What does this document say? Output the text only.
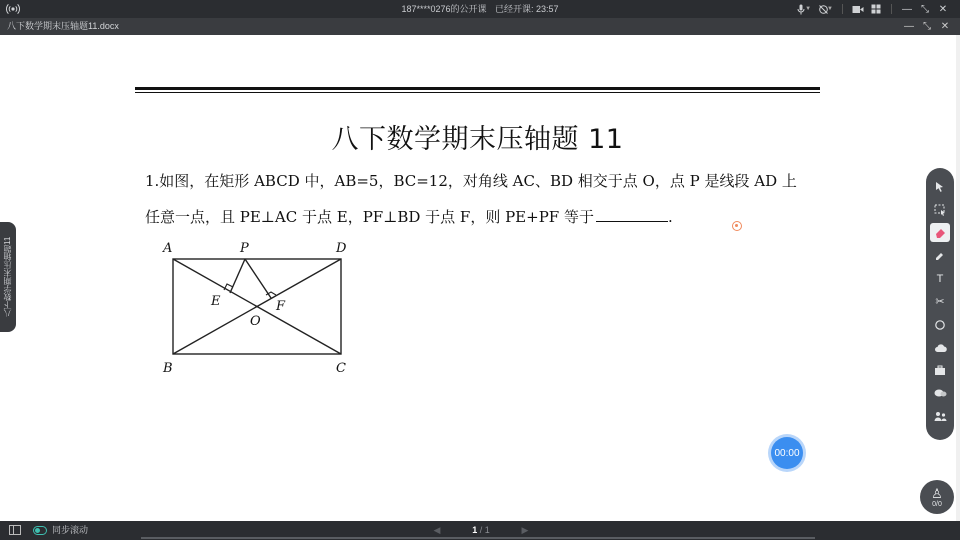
187****0276的公开课 已经开课: 23:57	▼	▼	— ⤡ ✕
八下数学期末压轴题11.docx	— ⤡ ✕
八下数学期末压轴题 11
1.如图，在矩形 ABCD 中，AB=5，BC=12，对角线 AC、BD 相交于点 O，点 P 是线段 AD 上
任意一点，且 PE⊥AC 于点 E，PF⊥BD 于点 F，则 PE+PF 等于	.
A	P	D
E	F
O
B	C
八下数学期末压轴题11	T
✂
00:00
♙
0/0
同步滚动	◀	1 / 1	▶
